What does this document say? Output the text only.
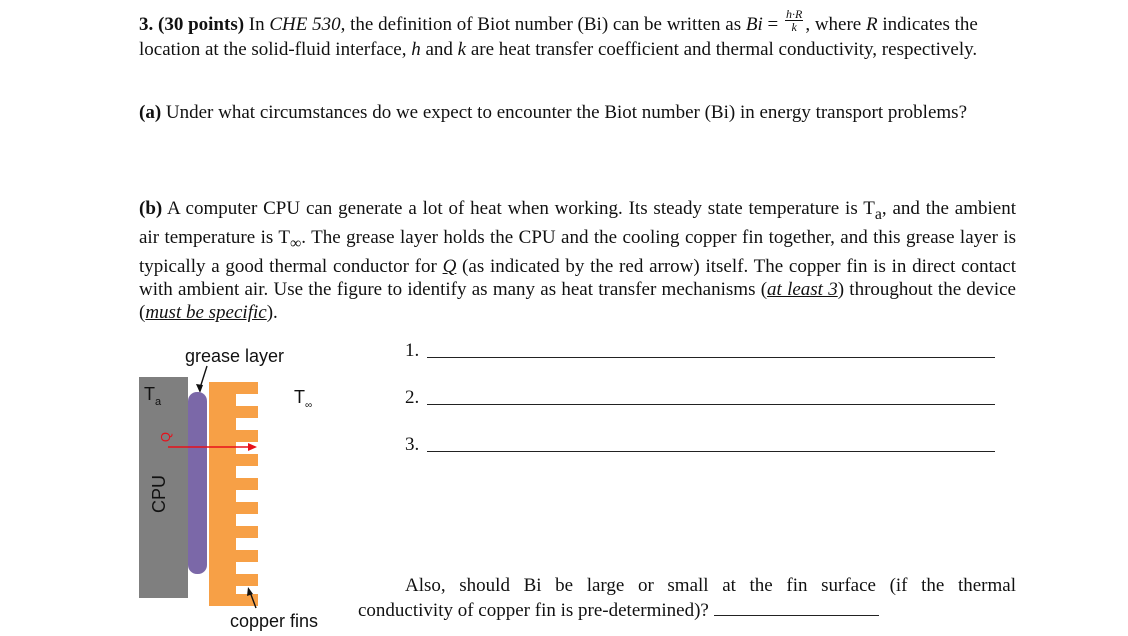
3. (30 points) In CHE 530, the definition of Biot number (Bi) can be written as $Bi = \frac{h\cdot R}{k}$ , where R indicates the location at the solid-fluid interface, h and k are heat transfer coefficient and thermal conductivity, respectively.
(a) Under what circumstances do we expect to encounter the Biot number (Bi) in energy transport problems?
(b) A computer CPU can generate a lot of heat when working. Its steady state temperature is $T_a$, and the ambient air temperature is $T_\infty$. The grease layer holds the CPU and the cooling copper fin together, and this grease layer is typically a good thermal conductor for Q (as indicated by the red arrow) itself. The copper fin is in direct contact with ambient air. Use the figure to identify as many as heat transfer mechanisms (at least 3) throughout the device (must be specific).
grease layer
$T_a$
Q
CPU
$T_\infty$
copper fins
1.
2.
3.
Also, should Bi be large or small at the fin surface (if the thermal
conductivity of copper fin is pre-determined)?
